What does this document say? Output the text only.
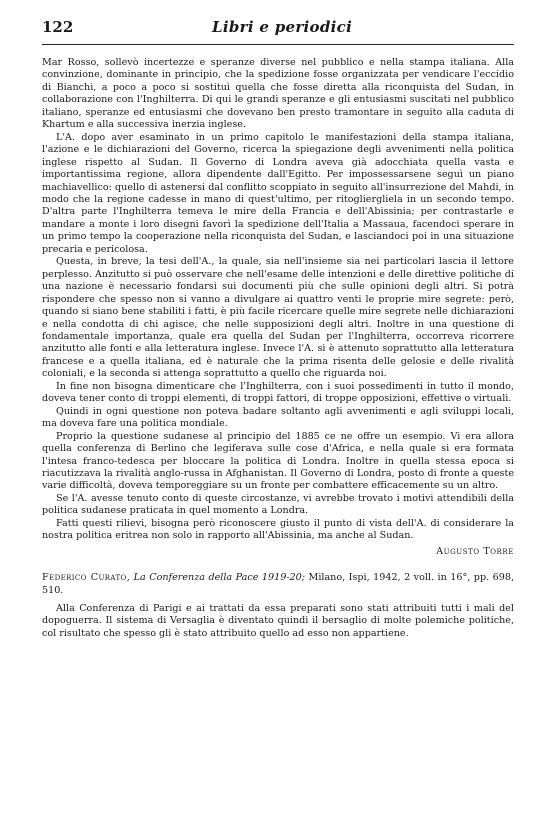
122	Libri e periodici

Mar Rosso, sollevò incertezze e speranze diverse nel pubblico e nella stampa italiana. Alla convinzione, dominante in principio, che la spedizione fosse organizzata per vendicare l'eccidio di Bianchi, a poco a poco si sostituì quella che fosse diretta alla riconquista del Sudan, in collaborazione con l'Inghilterra. Di qui le grandi speranze e gli entusiasmi suscitati nel pubblico italiano, speranze ed entusiasmi che dovevano ben presto tramontare in seguito alla caduta di Khartum e alla successiva inerzia inglese.

L'A. dopo aver esaminato in un primo capitolo le manifestazioni della stampa italiana, l'azione e le dichiarazioni del Governo, ricerca la spiegazione degli avvenimenti nella politica inglese rispetto al Sudan. Il Governo di Londra aveva già adocchiata quella vasta e importantissima regione, allora dipendente dall'Egitto. Per impossessarsene seguì un piano machiavellico: quello di astenersi dal conflitto scoppiato in seguito all'insurrezione del Mahdi, in modo che la regione cadesse in mano di quest'ultimo, per ritogliergliela in un secondo tempo. D'altra parte l'Inghilterra temeva le mire della Francia e dell'Abissinia; per contrastarle e mandare a monte i loro disegni favorì la spedizione dell'Italia a Massaua, facendoci sperare in un primo tempo la cooperazione nella riconquista del Sudan, e lasciandoci poi in una situazione precaria e pericolosa.

Questa, in breve, la tesi dell'A., la quale, sia nell'insieme sia nei particolari lascia il lettore perplesso. Anzitutto si può osservare che nell'esame delle intenzioni e delle direttive politiche di una nazione è necessario fondarsi sui documenti più che sulle opinioni degli altri. Si potrà rispondere che spesso non si vanno a divulgare ai quattro venti le proprie mire segrete: però, quando si siano bene stabiliti i fatti, è più facile ricercare quelle mire segrete nelle dichiarazioni e nella condotta di chi agisce, che nelle supposizioni degli altri. Inoltre in una questione di fondamentale importanza, quale era quella del Sudan per l'Inghilterra, occorreva ricorrere anzitutto alle fonti e alla letteratura inglese. Invece l'A. si è attenuto soprattutto alla letteratura francese e a quella italiana, ed è naturale che la prima risenta delle gelosie e delle rivalità coloniali, e la seconda si attenga soprattutto a quello che riguarda noi.

In fine non bisogna dimenticare che l'Inghilterra, con i suoi possedimenti in tutto il mondo, doveva tener conto di troppi elementi, di troppi fattori, di troppe opposizioni, effettive o virtuali.

Quindi in ogni questione non poteva badare soltanto agli avvenimenti e agli sviluppi locali, ma doveva fare una politica mondiale.

Proprio la questione sudanese al principio del 1885 ce ne offre un esempio. Vi era allora quella conferenza di Berlino che legiferava sulle cose d'Africa, e nella quale si era formata l'intesa franco-tedesca per bloccare la politica di Londra. Inoltre in quella stessa epoca si riacutizzava la rivalità anglo-russa in Afghanistan. Il Governo di Londra, posto di fronte a queste varie difficoltà, doveva temporeggiare su un fronte per combattere efficacemente su un altro.

Se l'A. avesse tenuto conto di queste circostanze, vi avrebbe trovato i motivi attendibili della politica sudanese praticata in quel momento a Londra.

Fatti questi rilievi, bisogna però riconoscere giusto il punto di vista dell'A. di considerare la nostra politica eritrea non solo in rapporto all'Abissinia, ma anche al Sudan.

Augusto Torre
Federico Curato, La Conferenza della Pace 1919-20; Milano, Ispi, 1942, 2 voll. in 16°, pp. 698, 510.

Alla Conferenza di Parigi e ai trattati da essa preparati sono stati attribuiti tutti i mali del dopoguerra. Il sistema di Versaglia è diventato quindi il bersaglio di molte polemiche politiche, col risultato che spesso gli è stato attribuito quello ad esso non appartiene.
